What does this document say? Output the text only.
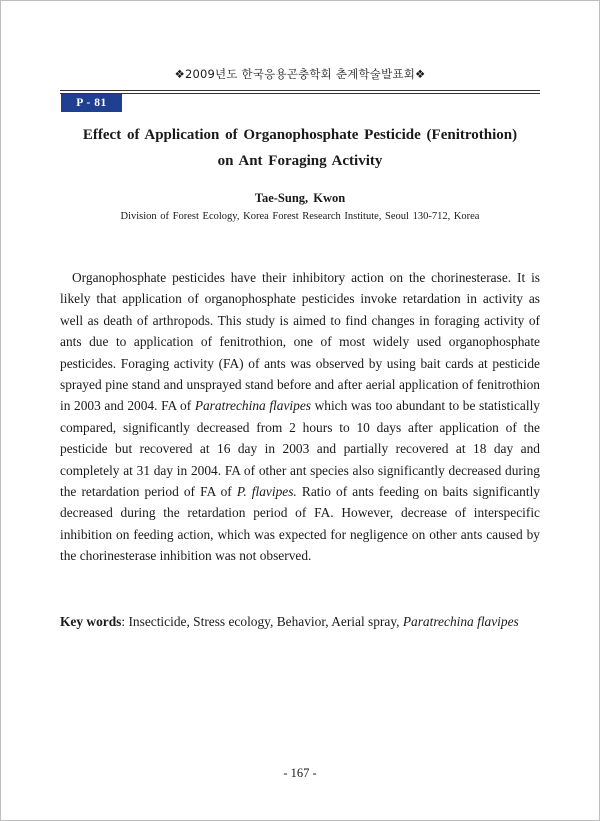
❖2009년도 한국응용곤충학회 춘계학술발표회❖
P - 81
Effect of Application of Organophosphate Pesticide (Fenitrothion)
on Ant Foraging Activity
Tae-Sung, Kwon
Division of Forest Ecology, Korea Forest Research Institute, Seoul 130-712, Korea

Organophosphate pesticides have their inhibitory action on the chorinesterase. It is likely that application of organophosphate pesticides invoke retardation in activity as well as death of arthropods. This study is aimed to find changes in foraging activity of ants due to application of fenitrothion, one of most widely used organophosphate pesticides. Foraging activity (FA) of ants was observed by using bait cards at pesticide sprayed pine stand and unsprayed stand before and after aerial application of fenitrothion in 2003 and 2004. FA of Paratrechina flavipes which was too abundant to be statistically compared, significantly decreased from 2 hours to 10 days after application of the pesticide but recovered at 16 day in 2003 and partially recovered at 18 day and completely at 31 day in 2004. FA of other ant species also significantly decreased during the retardation period of FA of P. flavipes. Ratio of ants feeding on baits significantly decreased during the retardation period of FA. However, decrease of interspecific inhibition on feeding action, which was expected for negligence on other ants caused by the chorinesterase inhibition was not observed.

Key words: Insecticide, Stress ecology, Behavior, Aerial spray, Paratrechina flavipes
- 167 -
